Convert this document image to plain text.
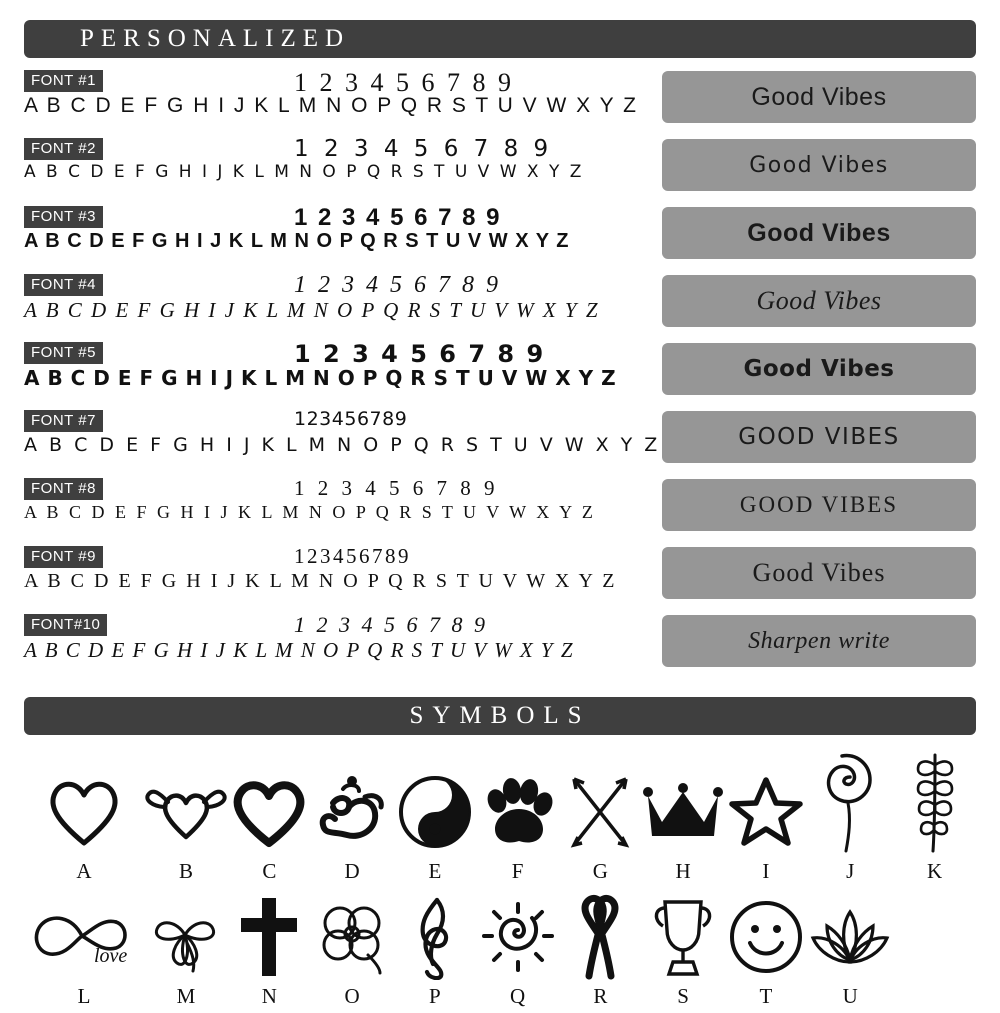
PERSONALIZED
FONT #1	1 2 3 4 5 6 7 8 9
A B C D E F G H I J K L M N O P Q R S T U V W X Y Z
FONT #2	1 2 3 4 5 6 7 8 9
A B C D E F G H I J K L M N O P Q R S T U V W X Y Z
FONT #3	1 2 3 4 5 6 7 8 9
A B C D E F G H I J K L M N O P Q R S T U V W X Y Z
FONT #4	1 2 3 4 5 6 7 8 9
A B C D E F G H I J K L M N O P Q R S T U V W X Y Z
FONT #5	1 2 3 4 5 6 7 8 9
A B C D E F G H I J K L M N O P Q R S T U V W X Y Z
FONT #7	123456789
A B C D E F G H I J K L M N O P Q R S T U V W X Y Z
FONT #8	1 2 3 4 5 6 7 8 9
A B C D E F G H I J K L M N O P Q R S T U V W X Y Z
FONT #9	123456789
A B C D E F G H I J K L M N O P Q R S T U V W X Y Z
FONT#10	1 2 3 4 5 6 7 8 9
A B C D E F G H I J K L M N O P Q R S T U V W X Y Z
Good Vibes
Good Vibes
Good Vibes
Good Vibes
Good Vibes
GOOD VIBES
GOOD VIBES
Good Vibes
Sharpen write
SYMBOLS
A	B	C	D	E	F	G	H	I	J	K
love
L	M	N	O	P	Q	R	S	T	U
